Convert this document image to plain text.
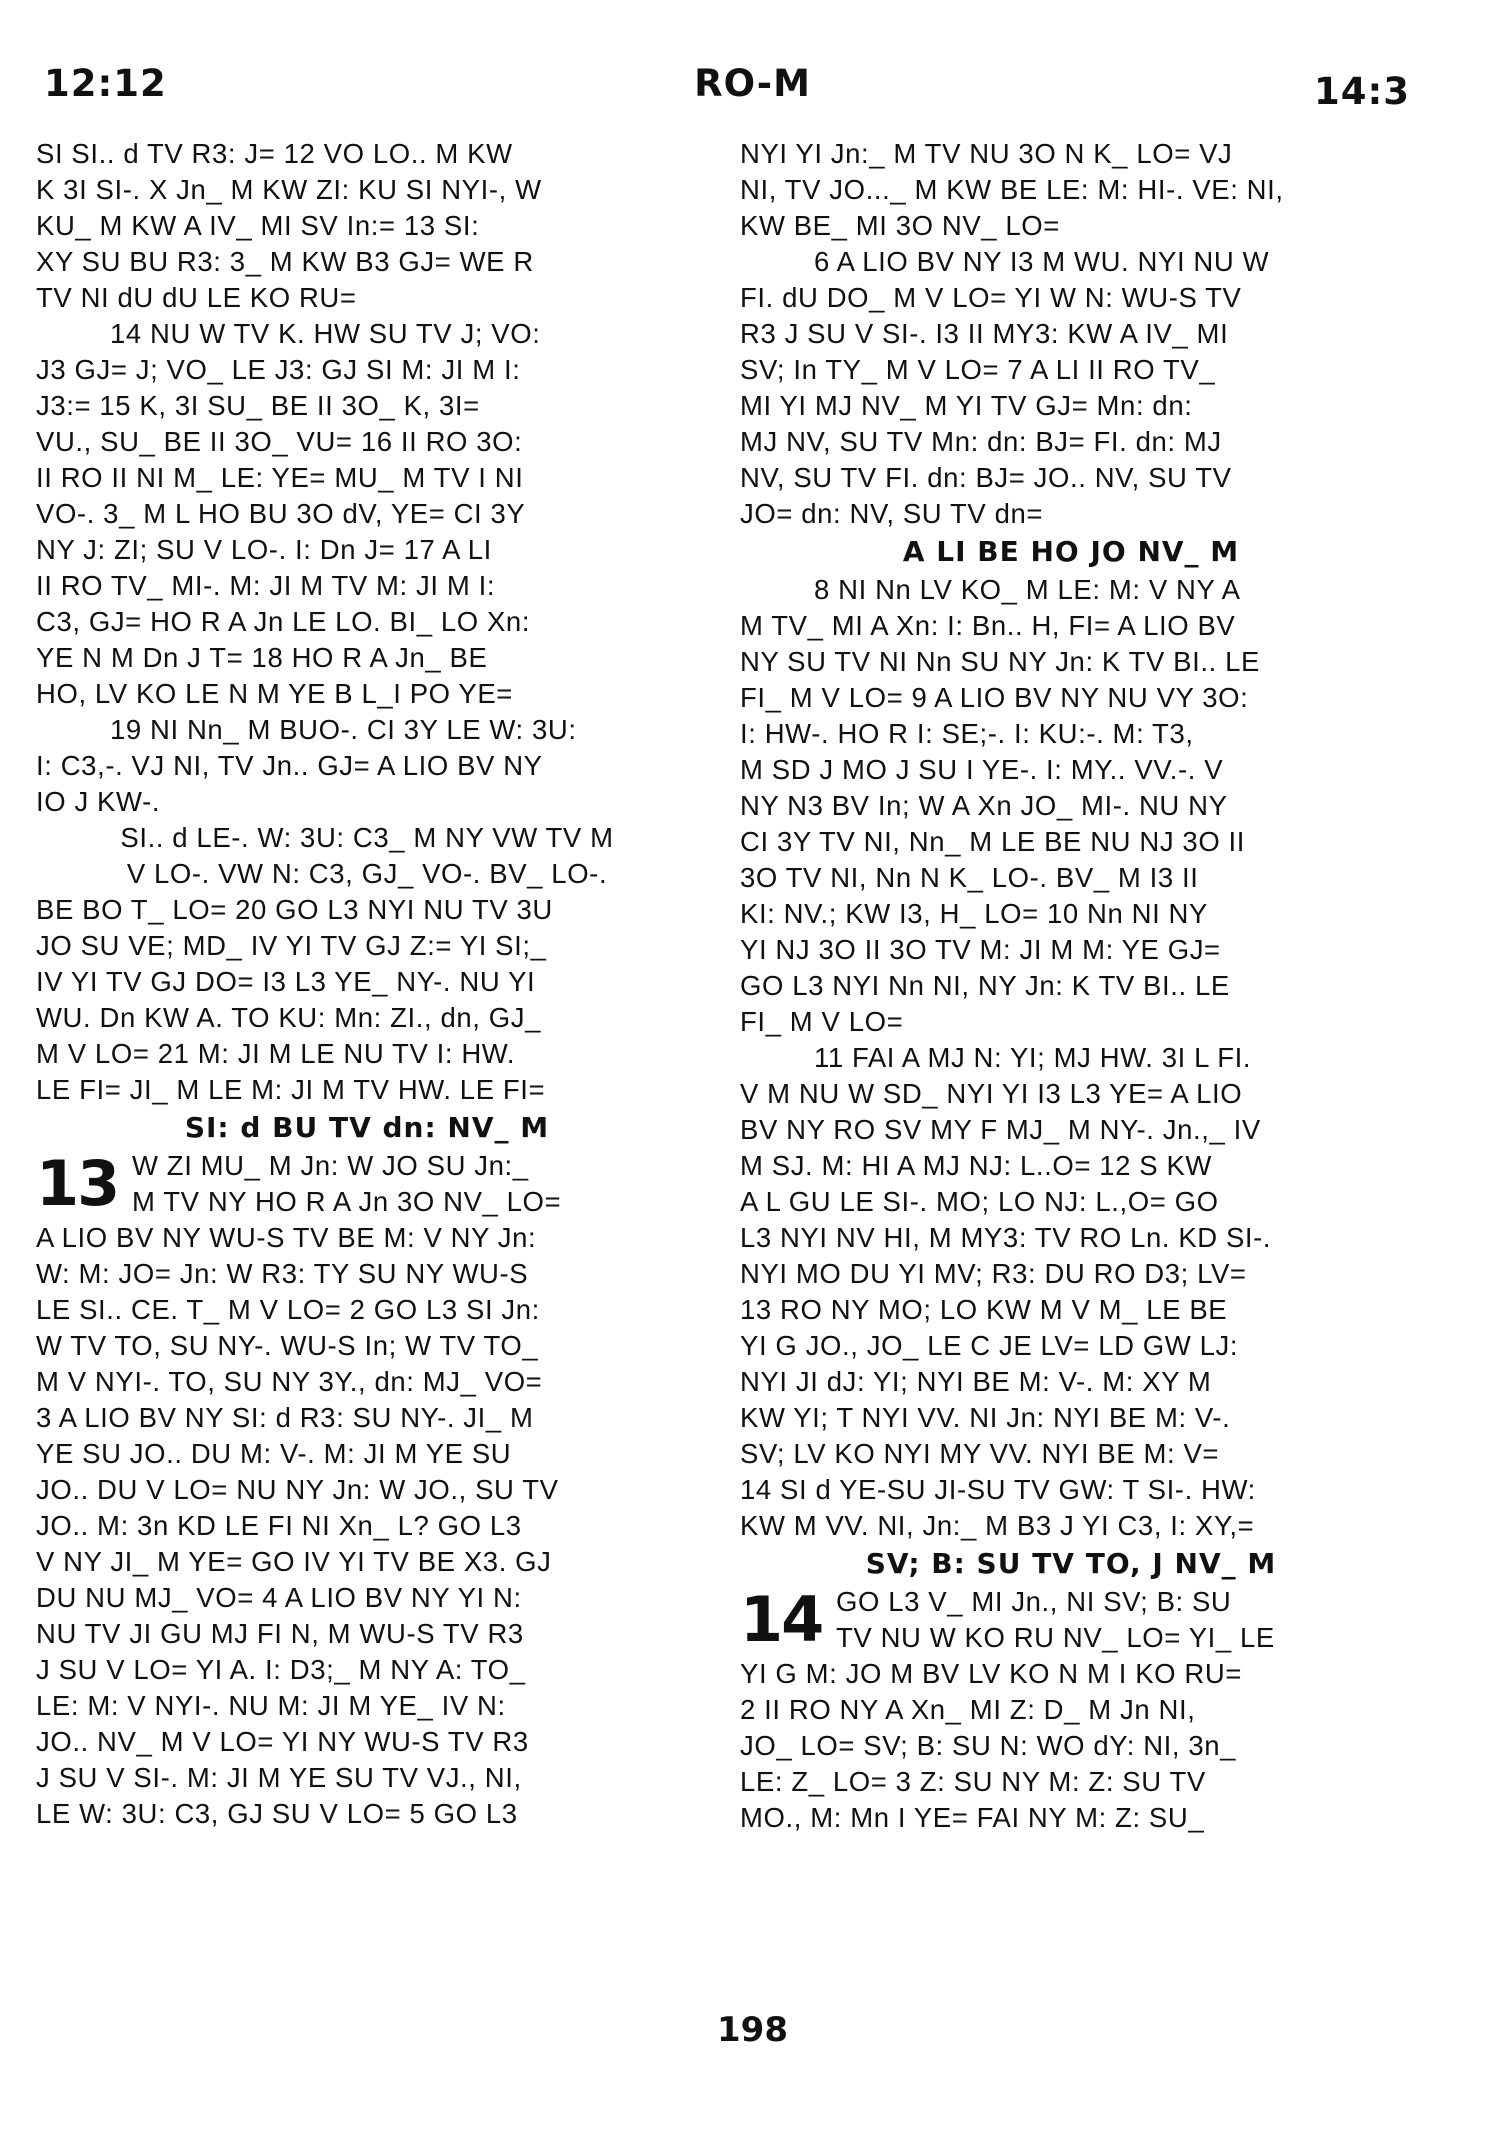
12:12	RO-M	14:3
SI SI.. d TV R3: J= 12 VO LO.. M KW
K 3I SI-. X Jn_ M KW ZI: KU SI NYI-, W
KU_ M KW A IV_ MI SV In:= 13 SI:
XY SU BU R3: 3_ M KW B3 GJ= WE R
TV NI dU dU LE KO RU=
14 NU W TV K. HW SU TV J; VO:
J3 GJ= J; VO_ LE J3: GJ SI M: JI M I:
J3:= 15 K, 3I SU_ BE II 3O_ K, 3I=
VU., SU_ BE II 3O_ VU= 16 II RO 3O:
II RO II NI M_ LE: YE= MU_ M TV I NI
VO-. 3_ M L HO BU 3O dV, YE= CI 3Y
NY J: ZI; SU V LO-. I: Dn J= 17 A LI
II RO TV_ MI-. M: JI M TV M: JI M I:
C3, GJ= HO R A Jn LE LO. BI_ LO Xn:
YE N M Dn J T= 18 HO R A Jn_ BE
HO, LV KO LE N M YE B L_I PO YE=
19 NI Nn_ M BUO-. CI 3Y LE W: 3U:
I: C3,-. VJ NI, TV Jn.. GJ= A LIO BV NY
IO J KW-.
SI.. d LE-. W: 3U: C3_ M NY VW TV M
V LO-. VW N: C3, GJ_ VO-. BV_ LO-.
BE BO T_ LO= 20 GO L3 NYI NU TV 3U
JO SU VE; MD_ IV YI TV GJ Z:= YI SI;_
IV YI TV GJ DO= I3 L3 YE_ NY-. NU YI
WU. Dn KW A. TO KU: Mn: ZI., dn, GJ_
M V LO= 21 M: JI M LE NU TV I: HW.
LE FI= JI_ M LE M: JI M TV HW. LE FI=
SI: d BU TV dn: NV_ M
13 W ZI MU_ M Jn: W JO SU Jn:_
M TV NY HO R A Jn 3O NV_ LO=
A LIO BV NY WU-S TV BE M: V NY Jn:
W: M: JO= Jn: W R3: TY SU NY WU-S
LE SI.. CE. T_ M V LO= 2 GO L3 SI Jn:
W TV TO, SU NY-. WU-S In; W TV TO_
M V NYI-. TO, SU NY 3Y., dn: MJ_ VO=
3 A LIO BV NY SI: d R3: SU NY-. JI_ M
YE SU JO.. DU M: V-. M: JI M YE SU
JO.. DU V LO= NU NY Jn: W JO., SU TV
JO.. M: 3n KD LE FI NI Xn_ L? GO L3
V NY JI_ M YE= GO IV YI TV BE X3. GJ
DU NU MJ_ VO= 4 A LIO BV NY YI N:
NU TV JI GU MJ FI N, M WU-S TV R3
J SU V LO= YI A. I: D3;_ M NY A: TO_
LE: M: V NYI-. NU M: JI M YE_ IV N:
JO.. NV_ M V LO= YI NY WU-S TV R3
J SU V SI-. M: JI M YE SU TV VJ., NI,
LE W: 3U: C3, GJ SU V LO= 5 GO L3
NYI YI Jn:_ M TV NU 3O N K_ LO= VJ
NI, TV JO..._ M KW BE LE: M: HI-. VE: NI,
KW BE_ MI 3O NV_ LO=
6 A LIO BV NY I3 M WU. NYI NU W
FI. dU DO_ M V LO= YI W N: WU-S TV
R3 J SU V SI-. I3 II MY3: KW A IV_ MI
SV; In TY_ M V LO= 7 A LI II RO TV_
MI YI MJ NV_ M YI TV GJ= Mn: dn:
MJ NV, SU TV Mn: dn: BJ= FI. dn: MJ
NV, SU TV FI. dn: BJ= JO.. NV, SU TV
JO= dn: NV, SU TV dn=
A LI BE HO JO NV_ M
8 NI Nn LV KO_ M LE: M: V NY A
M TV_ MI A Xn: I: Bn.. H, FI= A LIO BV
NY SU TV NI Nn SU NY Jn: K TV BI.. LE
FI_ M V LO= 9 A LIO BV NY NU VY 3O:
I: HW-. HO R I: SE;-. I: KU:-. M: T3,
M SD J MO J SU I YE-. I: MY.. VV.-. V
NY N3 BV In; W A Xn JO_ MI-. NU NY
CI 3Y TV NI, Nn_ M LE BE NU NJ 3O II
3O TV NI, Nn N K_ LO-. BV_ M I3 II
KI: NV.; KW I3, H_ LO= 10 Nn NI NY
YI NJ 3O II 3O TV M: JI M M: YE GJ=
GO L3 NYI Nn NI, NY Jn: K TV BI.. LE
FI_ M V LO=
11 FAI A MJ N: YI; MJ HW. 3I L FI.
V M NU W SD_ NYI YI I3 L3 YE= A LIO
BV NY RO SV MY F MJ_ M NY-. Jn.,_ IV
M SJ. M: HI A MJ NJ: L..O= 12 S KW
A L GU LE SI-. MO; LO NJ: L.,O= GO
L3 NYI NV HI, M MY3: TV RO Ln. KD SI-.
NYI MO DU YI MV; R3: DU RO D3; LV=
13 RO NY MO; LO KW M V M_ LE BE
YI G JO., JO_ LE C JE LV= LD GW LJ:
NYI JI dJ: YI; NYI BE M: V-. M: XY M
KW YI; T NYI VV. NI Jn: NYI BE M: V-.
SV; LV KO NYI MY VV. NYI BE M: V=
14 SI d YE-SU JI-SU TV GW: T SI-. HW:
KW M VV. NI, Jn:_ M B3 J YI C3, I: XY,=
SV; B: SU TV TO, J NV_ M
14 GO L3 V_ MI Jn., NI SV; B: SU
TV NU W KO RU NV_ LO= YI_ LE
YI G M: JO M BV LV KO N M I KO RU=
2 II RO NY A Xn_ MI Z: D_ M Jn NI,
JO_ LO= SV; B: SU N: WO dY: NI, 3n_
LE: Z_ LO= 3 Z: SU NY M: Z: SU TV
MO., M: Mn I YE= FAI NY M: Z: SU_
198
